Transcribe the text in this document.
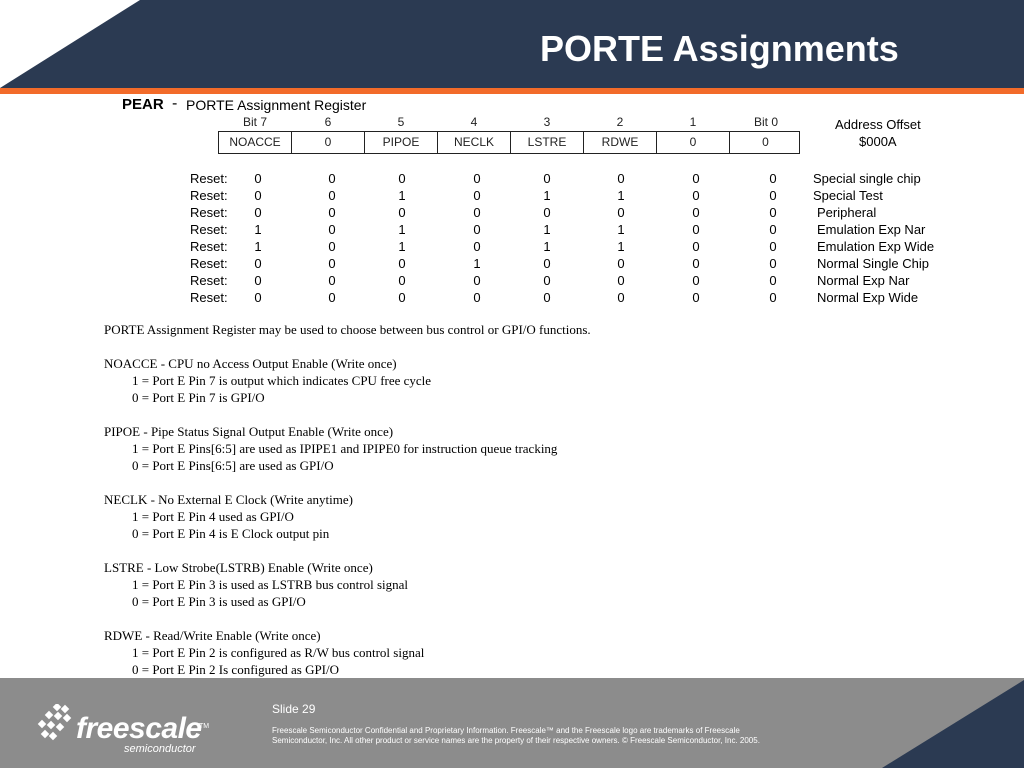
PORTE Assignments
PEAR - PORTE Assignment Register
Bit 7	6	5	4	3	2	1	Bit 0
NOACCE	0	PIPOE	NECLK	LSTRE	RDWE	0	0
Address Offset
$000A
Reset:	0	0	0	0	0	0	0	0	Special single chip
Reset:	0	0	1	0	1	1	0	0	Special Test
Reset:	0	0	0	0	0	0	0	0	Peripheral
Reset:	1	0	1	0	1	1	0	0	Emulation Exp Nar
Reset:	1	0	1	0	1	1	0	0	Emulation Exp Wide
Reset:	0	0	0	1	0	0	0	0	Normal Single Chip
Reset:	0	0	0	0	0	0	0	0	Normal Exp Nar
Reset:	0	0	0	0	0	0	0	0	Normal Exp Wide
PORTE Assignment Register may be used to choose between bus control or GPI/O functions.
NOACCE - CPU no Access Output Enable (Write once)
1 = Port E Pin 7 is output which indicates CPU free cycle
0 = Port E Pin 7 is GPI/O
PIPOE - Pipe Status Signal Output Enable (Write once)
1 = Port E Pins[6:5] are used as IPIPE1 and IPIPE0 for instruction queue tracking
0 = Port E Pins[6:5] are used as GPI/O
NECLK - No External E Clock (Write anytime)
1 = Port E Pin 4 used as GPI/O
0 = Port E Pin 4 is E Clock output pin
LSTRE - Low Strobe(LSTRB) Enable (Write once)
1 = Port E Pin 3 is used as LSTRB bus control signal
0 = Port E Pin 3 is used as GPI/O
RDWE - Read/Write Enable (Write once)
1 = Port E Pin 2 is configured as R/W bus control signal
0 = Port E Pin 2 Is configured as GPI/O
freescale
TM
semiconductor
Slide 29
Freescale Semiconductor Confidential and Proprietary Information. Freescale™ and the Freescale logo are trademarks of Freescale
Semiconductor, Inc. All other product or service names are the property of their respective owners. © Freescale Semiconductor, Inc. 2005.
